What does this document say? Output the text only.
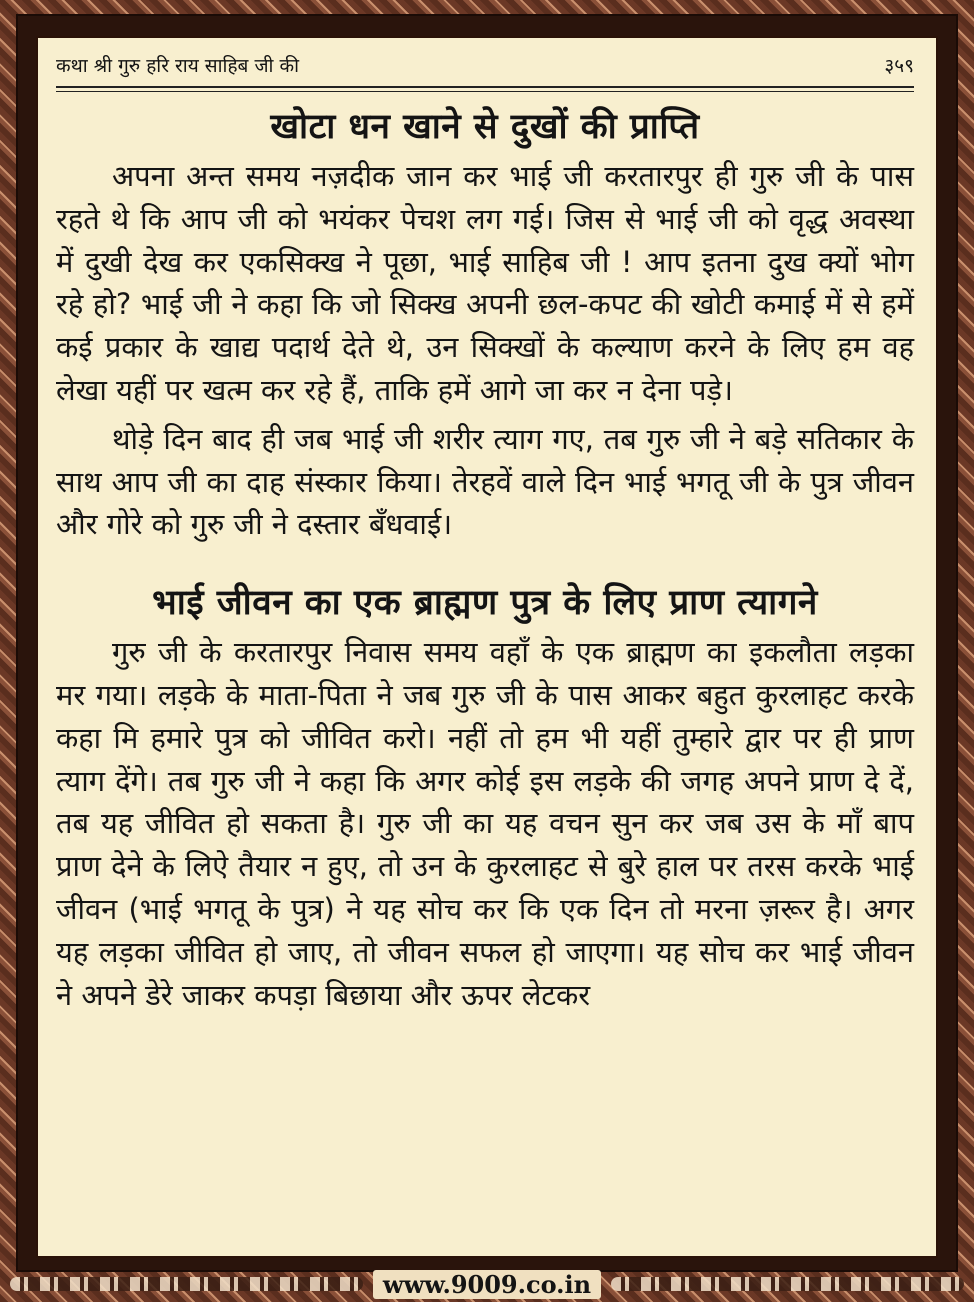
कथा श्री गुरु हरि राय साहिब जी की	३५९
खोटा धन खाने से दुखों की प्राप्ति

अपना अन्त समय नज़दीक जान कर भाई जी करतारपुर ही गुरु जी के पास रहते थे कि आप जी को भयंकर पेचश लग गई। जिस से भाई जी को वृद्ध अवस्था में दुखी देख कर एकसिक्ख ने पूछा, भाई साहिब जी ! आप इतना दुख क्यों भोग रहे हो? भाई जी ने कहा कि जो सिक्ख अपनी छल-कपट की खोटी कमाई में से हमें कई प्रकार के खाद्य पदार्थ देते थे, उन सिक्खों के कल्याण करने के लिए हम वह लेखा यहीं पर खत्म कर रहे हैं, ताकि हमें आगे जा कर न देना पड़े।

थोड़े दिन बाद ही जब भाई जी शरीर त्याग गए, तब गुरु जी ने बड़े सतिकार के साथ आप जी का दाह संस्कार किया। तेरहवें वाले दिन भाई भगतू जी के पुत्र जीवन और गोरे को गुरु जी ने दस्तार बँधवाई।

भाई जीवन का एक ब्राह्मण पुत्र के लिए प्राण त्यागने

गुरु जी के करतारपुर निवास समय वहाँ के एक ब्राह्मण का इकलौता लड़का मर गया। लड़के के माता-पिता ने जब गुरु जी के पास आकर बहुत कुरलाहट करके कहा मि हमारे पुत्र को जीवित करो। नहीं तो हम भी यहीं तुम्हारे द्वार पर ही प्राण त्याग देंगे। तब गुरु जी ने कहा कि अगर कोई इस लड़के की जगह अपने प्राण दे दें, तब यह जीवित हो सकता है। गुरु जी का यह वचन सुन कर जब उस के माँ बाप प्राण देने के लिऐ तैयार न हुए, तो उन के कुरलाहट से बुरे हाल पर तरस करके भाई जीवन (भाई भगतू के पुत्र) ने यह सोच कर कि एक दिन तो मरना ज़रूर है। अगर यह लड़का जीवित हो जाए, तो जीवन सफल हो जाएगा। यह सोच कर भाई जीवन ने अपने डेरे जाकर कपड़ा बिछाया और ऊपर लेटकर

www.9009.co.in
